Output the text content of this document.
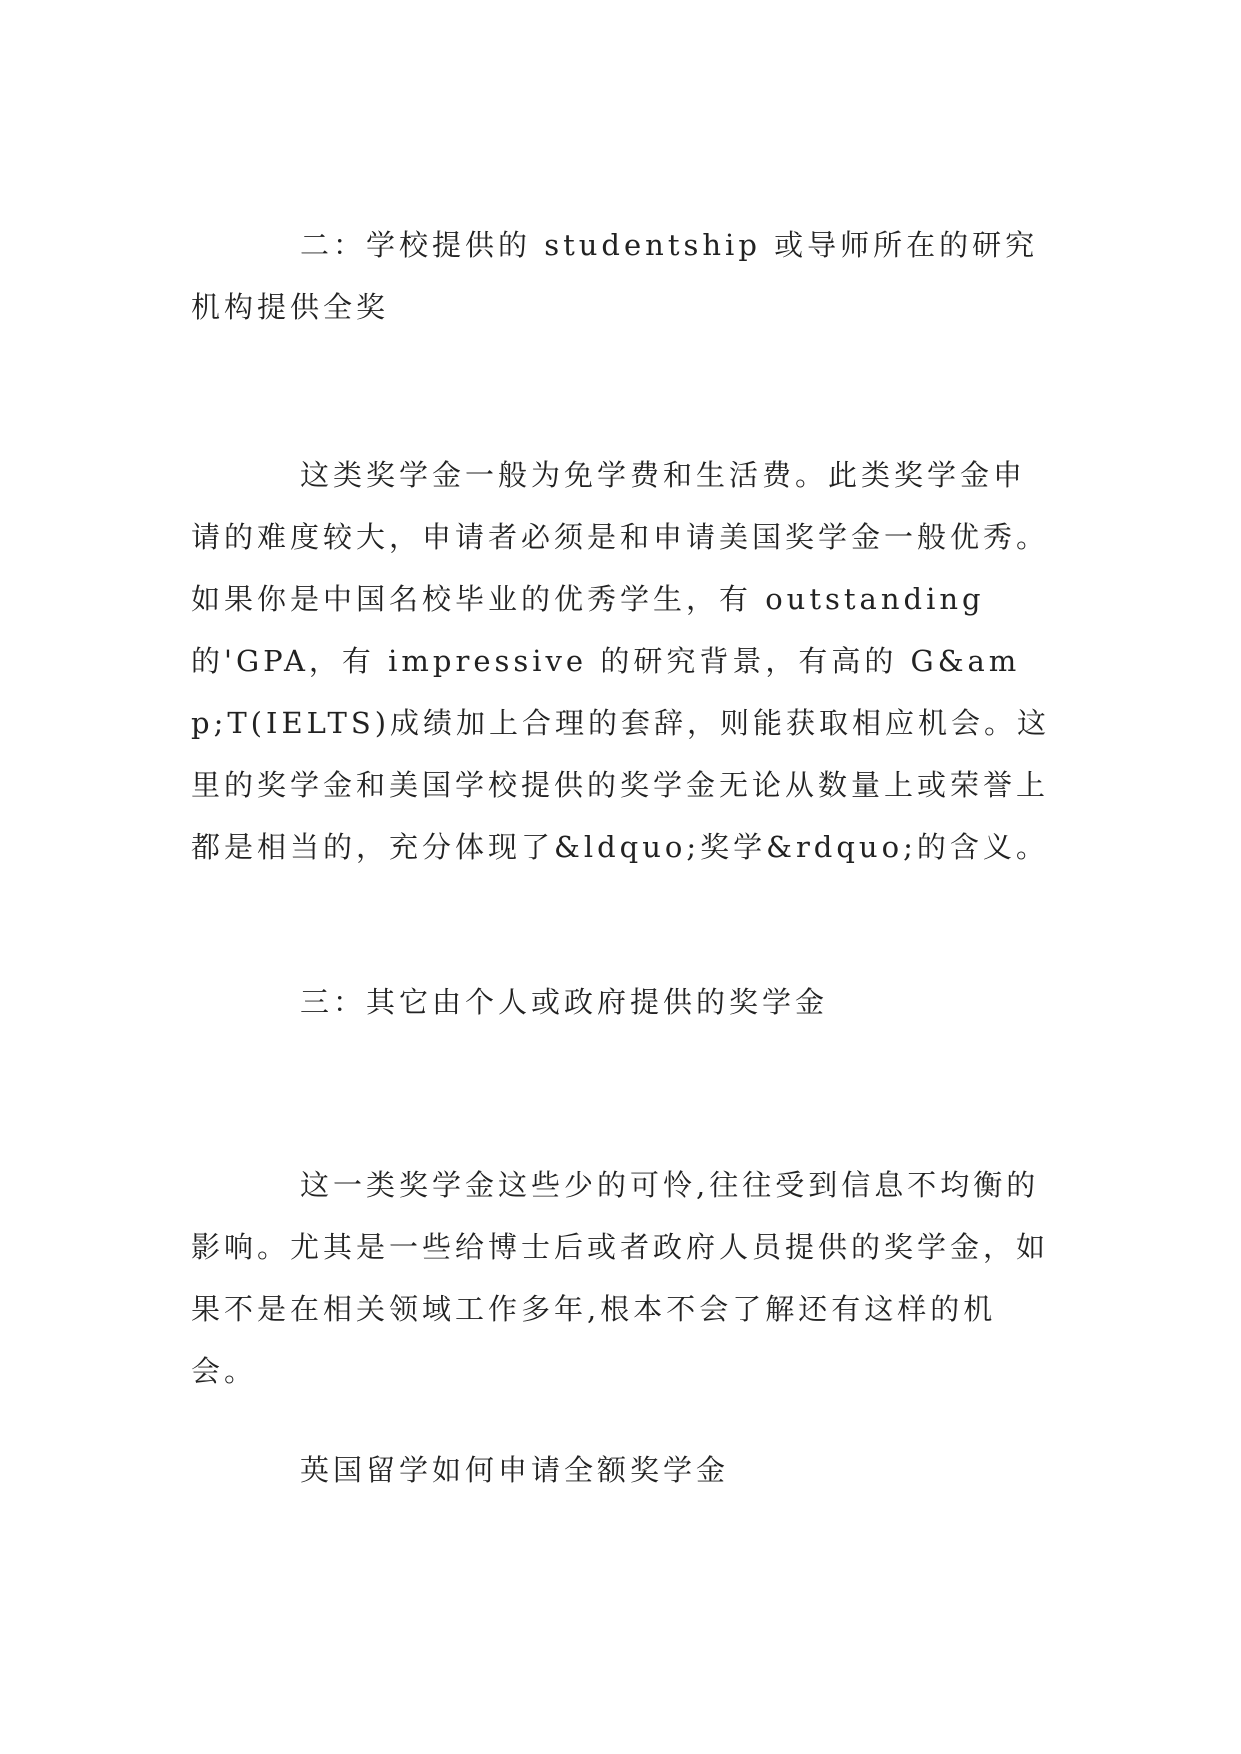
二：学校提供的 studentship 或导师所在的研究机构提供全奖

这类奖学金一般为免学费和生活费。此类奖学金申请的难度较大，申请者必须是和申请美国奖学金一般优秀。如果你是中国名校毕业的优秀学生，有 outstanding 的'GPA，有 impressive 的研究背景，有高的 G&amp;T(IELTS)成绩加上合理的套辞，则能获取相应机会。这里的奖学金和美国学校提供的奖学金无论从数量上或荣誉上都是相当的，充分体现了&ldquo;奖学&rdquo;的含义。

三：其它由个人或政府提供的奖学金

这一类奖学金这些少的可怜,往往受到信息不均衡的影响。尤其是一些给博士后或者政府人员提供的奖学金，如果不是在相关领域工作多年,根本不会了解还有这样的机会。

英国留学如何申请全额奖学金
